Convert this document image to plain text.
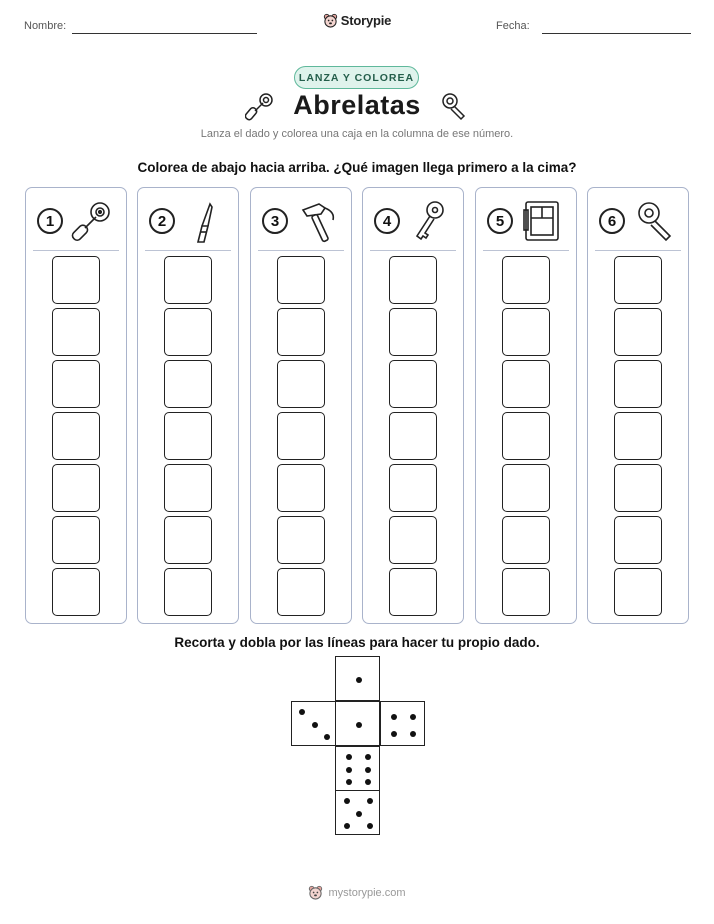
Nombre:	Storypie	Fecha:
LANZA Y COLOREA
Abrelatas
Lanza el dado y colorea una caja en la columna de ese número.
Colorea de abajo hacia arriba. ¿Qué imagen llega primero a la cima?
1	2	3	4	5	6
Recorta y dobla por las líneas para hacer tu propio dado.
mystorypie.com
